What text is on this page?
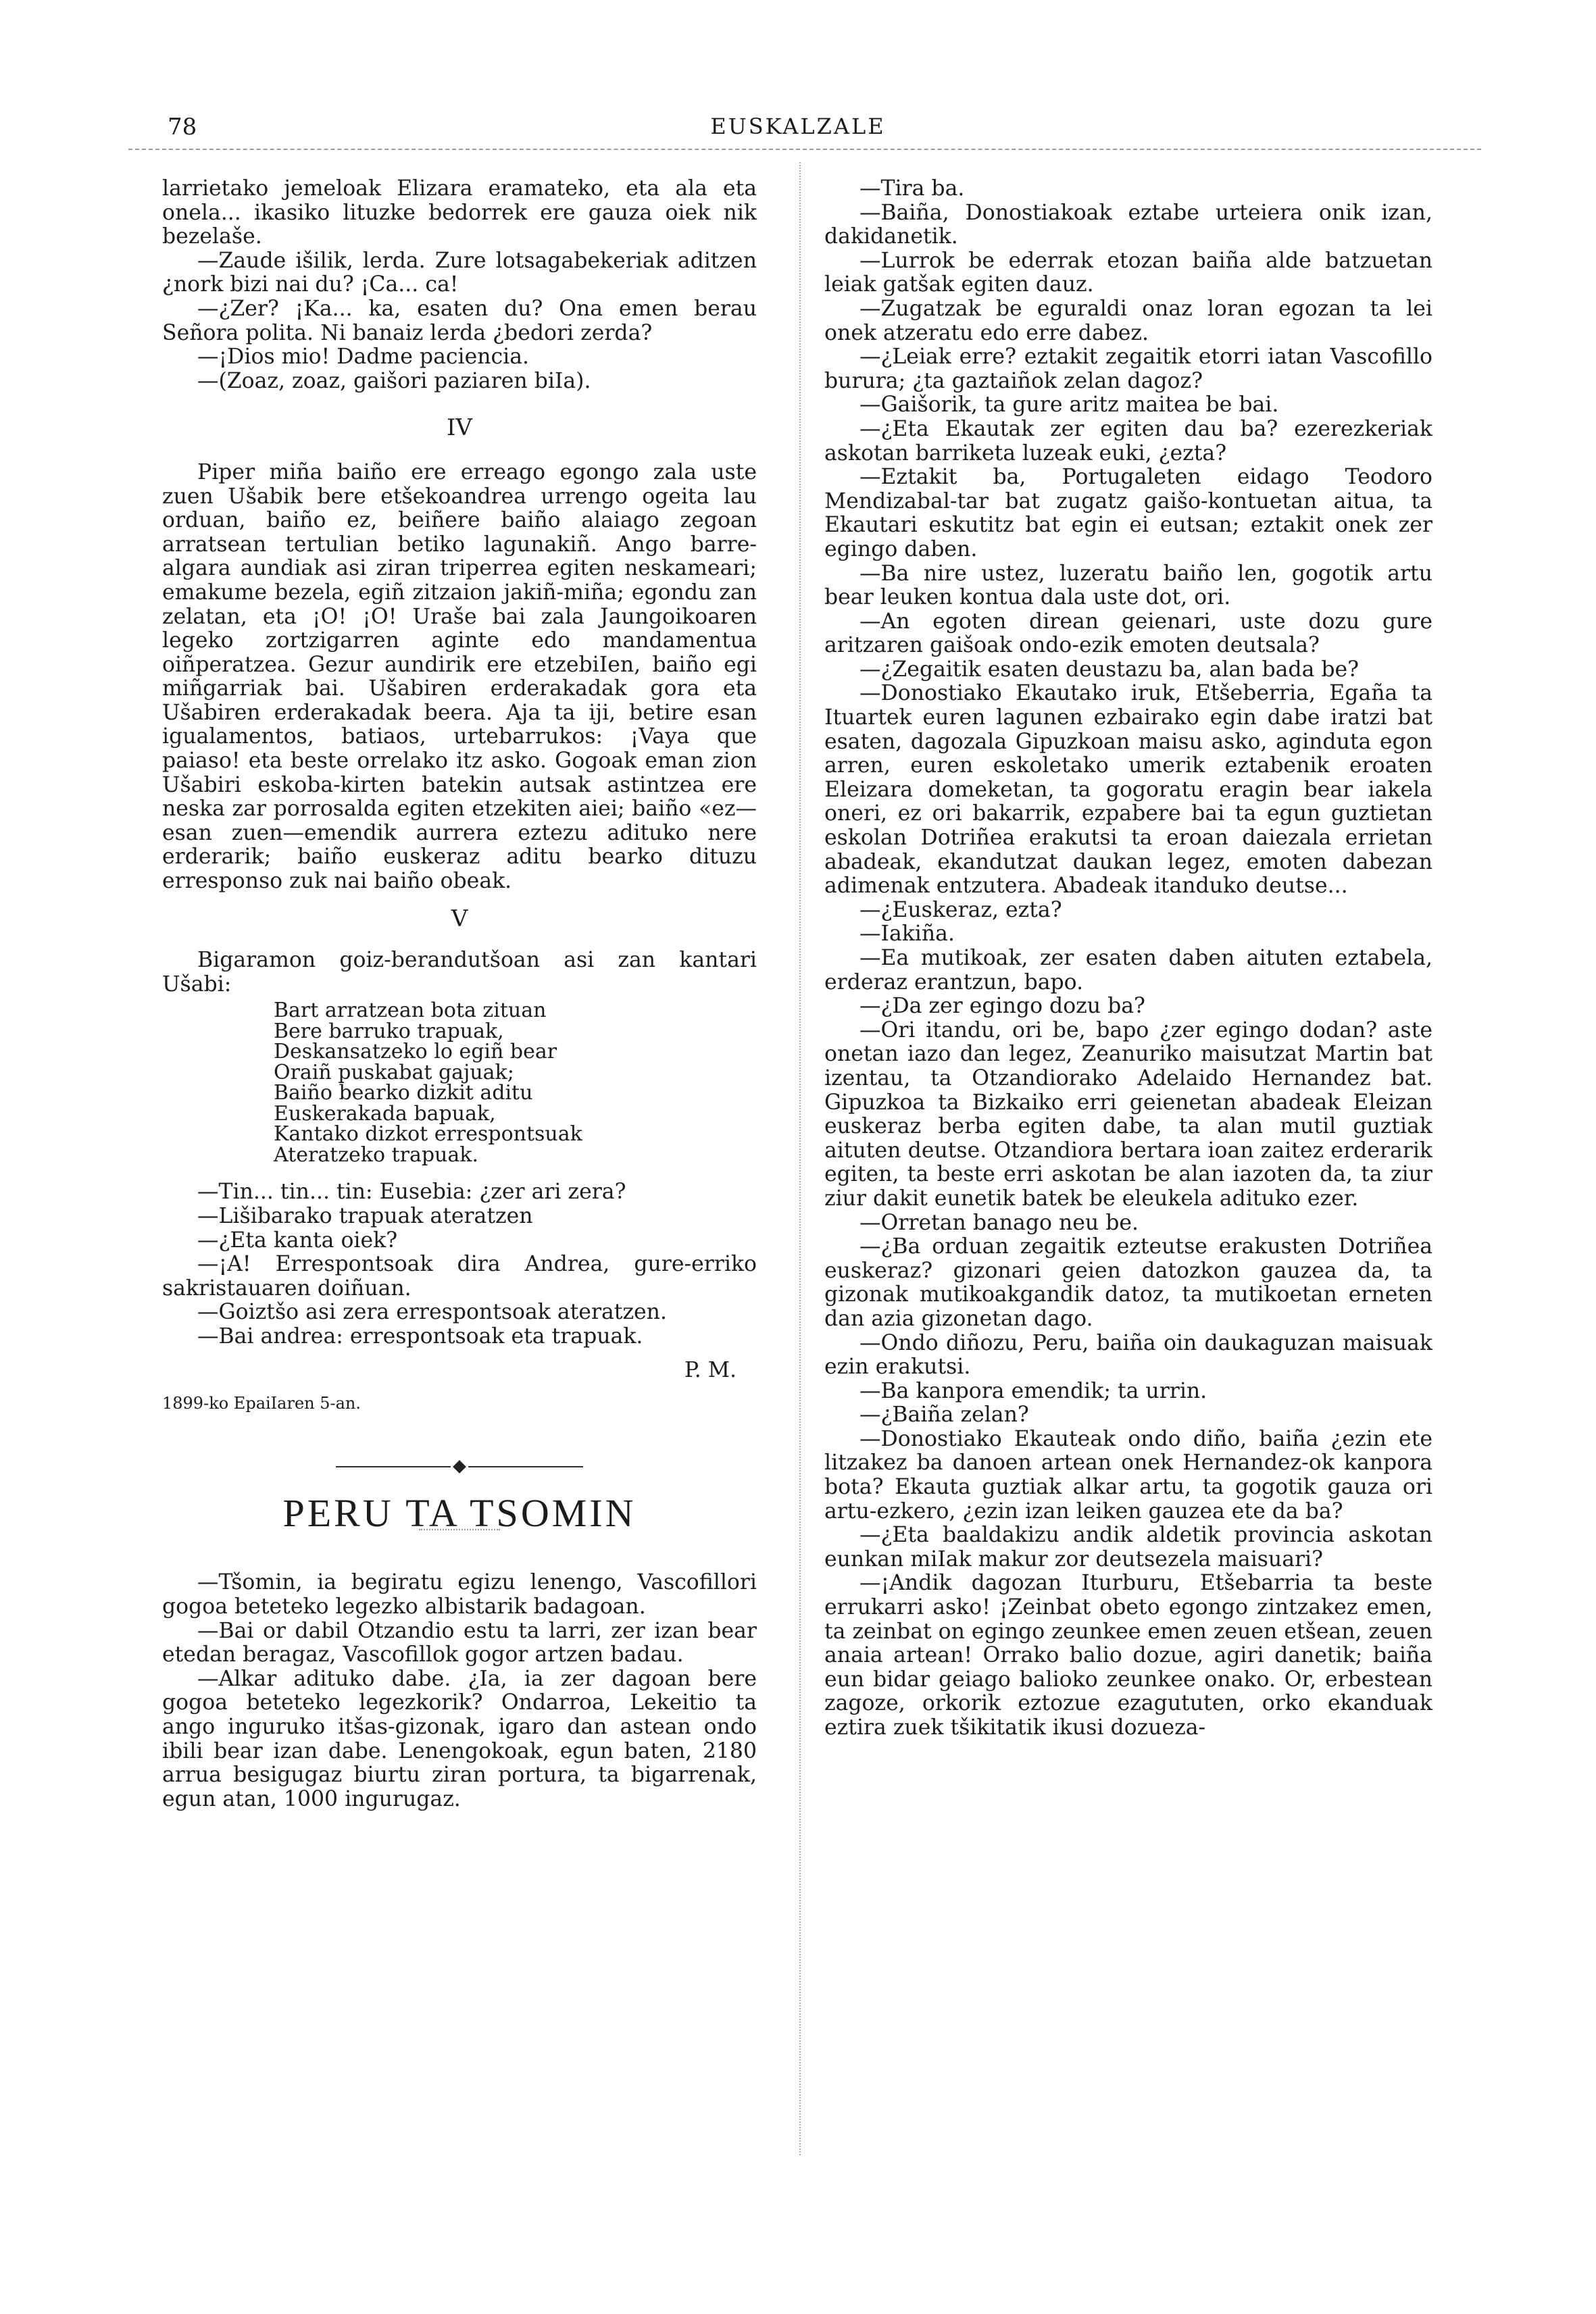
78	EUSKALZALE

larrietako jemeloak Elizara eramateko, eta ala eta onela... ikasiko lituzke bedorrek ere gauza oiek nik bezelaše.

—Zaude išilik, lerda. Zure lotsagabekeriak aditzen ¿nork bizi nai du? ¡Ca... ca!

—¿Zer? ¡Ka... ka, esaten du? Ona emen berau Señora polita. Ni banaiz lerda ¿bedori zerda?

—¡Dios mio! Dadme paciencia.

—(Zoaz, zoaz, gaišori paziaren biIa).

IV

Piper miña baiño ere erreago egongo zala uste zuen Ušabik bere etšekoandrea urrengo ogeita lau orduan, baiño ez, beiñere baiño alaiago zegoan arratsean tertulian betiko lagunakiñ. Ango barre-algara aundiak asi ziran triperrea egiten neskameari; emakume bezela, egiñ zitzaion jakiñ-miña; egondu zan zelatan, eta ¡O! ¡O! Uraše bai zala Jaungoikoaren legeko zortzigarren aginte edo mandamentua oiñperatzea. Gezur aundirik ere etzebiIen, baiño egi miñgarriak bai. Ušabiren erderakadak gora eta Ušabiren erderakadak beera. Aja ta iji, betire esan igualamentos, batiaos, urtebarrukos: ¡Vaya que paiaso! eta beste orrelako itz asko. Gogoak eman zion Ušabiri eskoba-kirten batekin autsak astintzea ere neska zar porrosalda egiten etzekiten aiei; baiño «ez—esan zuen—emendik aurrera eztezu adituko nere erderarik; baiño euskeraz aditu bearko dituzu erresponso zuk nai baiño obeak.

V

Bigaramon goiz-berandutšoan asi zan kantari Ušabi:

Bart arratzean bota zituan
Bere barruko trapuak,
Deskansatzeko lo egiñ bear
Oraiñ puskabat gajuak;
Baiño bearko dizkit aditu
Euskerakada bapuak,
Kantako dizkot errespontsuak
Ateratzeko trapuak.

—Tin... tin... tin: Eusebia: ¿zer ari zera?

—Lišibarako trapuak ateratzen

—¿Eta kanta oiek?

—¡A! Errespontsoak dira Andrea, gure-erriko sakristauaren doiñuan.

—Goiztšo asi zera errespontsoak ateratzen.

—Bai andrea: errespontsoak eta trapuak.

P. M.
1899-ko EpaiIaren 5-an.
PERU TA TSOMIN

—Tšomin, ia begiratu egizu lenengo, Vascofillori gogoa beteteko legezko albistarik badagoan.

—Bai or dabil Otzandio estu ta larri, zer izan bear etedan beragaz, Vascofillok gogor artzen badau.

—Alkar adituko dabe. ¿Ia, ia zer dagoan bere gogoa beteteko legezkorik? Ondarroa, Lekeitio ta ango inguruko itšas-gizonak, igaro dan astean ondo ibili bear izan dabe. Lenengokoak, egun baten, 2180 arrua besigugaz biurtu ziran portura, ta bigarrenak, egun atan, 1000 ingurugaz.

—Tira ba.

—Baiña, Donostiakoak eztabe urteiera onik izan, dakidanetik.

—Lurrok be ederrak etozan baiña alde batzuetan leiak gatšak egiten dauz.

—Zugatzak be eguraldi onaz loran egozan ta lei onek atzeratu edo erre dabez.

—¿Leiak erre? eztakit zegaitik etorri iatan Vascofillo burura; ¿ta gaztaiñok zelan dagoz?

—Gaišorik, ta gure aritz maitea be bai.

—¿Eta Ekautak zer egiten dau ba? ezerezkeriak askotan barriketa luzeak euki, ¿ezta?

—Eztakit ba, Portugaleten eidago Teodoro Mendizabal-tar bat zugatz gaišo-kontuetan aitua, ta Ekautari eskutitz bat egin ei eutsan; eztakit onek zer egingo daben.

—Ba nire ustez, luzeratu baiño len, gogotik artu bear leuken kontua dala uste dot, ori.

—An egoten direan geienari, uste dozu gure aritzaren gaišoak ondo-ezik emoten deutsala?

—¿Zegaitik esaten deustazu ba, alan bada be?

—Donostiako Ekautako iruk, Etšeberria, Egaña ta Ituartek euren lagunen ezbairako egin dabe iratzi bat esaten, dagozala Gipuzkoan maisu asko, aginduta egon arren, euren eskoletako umerik eztabenik eroaten Eleizara domeketan, ta gogoratu eragin bear iakela oneri, ez ori bakarrik, ezpabere bai ta egun guztietan eskolan Dotriñea erakutsi ta eroan daiezala errietan abadeak, ekandutzat daukan legez, emoten dabezan adimenak entzutera. Abadeak itanduko deutse...

—¿Euskeraz, ezta?

—Iakiña.

—Ea mutikoak, zer esaten daben aituten eztabela, erderaz erantzun, bapo.

—¿Da zer egingo dozu ba?

—Ori itandu, ori be, bapo ¿zer egingo dodan? aste onetan iazo dan legez, Zeanuriko maisutzat Martin bat izentau, ta Otzandiorako Adelaido Hernandez bat. Gipuzkoa ta Bizkaiko erri geienetan abadeak Eleizan euskeraz berba egiten dabe, ta alan mutil guztiak aituten deutse. Otzandiora bertara ioan zaitez erderarik egiten, ta beste erri askotan be alan iazoten da, ta ziur ziur dakit eunetik batek be eleukela adituko ezer.

—Orretan banago neu be.

—¿Ba orduan zegaitik ezteutse erakusten Dotriñea euskeraz? gizonari geien datozkon gauzea da, ta gizonak mutikoakgandik datoz, ta mutikoetan erneten dan azia gizonetan dago.

—Ondo diñozu, Peru, baiña oin daukaguzan maisuak ezin erakutsi.

—Ba kanpora emendik; ta urrin.

—¿Baiña zelan?

—Donostiako Ekauteak ondo diño, baiña ¿ezin ete litzakez ba danoen artean onek Hernandez-ok kanpora bota? Ekauta guztiak alkar artu, ta gogotik gauza ori artu-ezkero, ¿ezin izan leiken gauzea ete da ba?

—¿Eta baaldakizu andik aldetik provincia askotan eunkan miIak makur zor deutsezela maisuari?

—¡Andik dagozan Iturburu, Etšebarria ta beste errukarri asko! ¡Zeinbat obeto egongo zintzakez emen, ta zeinbat on egingo zeunkee emen zeuen etšean, zeuen anaia artean! Orrako balio dozue, agiri danetik; baiña eun bidar geiago balioko zeunkee onako. Or, erbestean zagoze, orkorik eztozue ezagututen, orko ekanduak eztira zuek tšikitatik ikusi dozueza-
